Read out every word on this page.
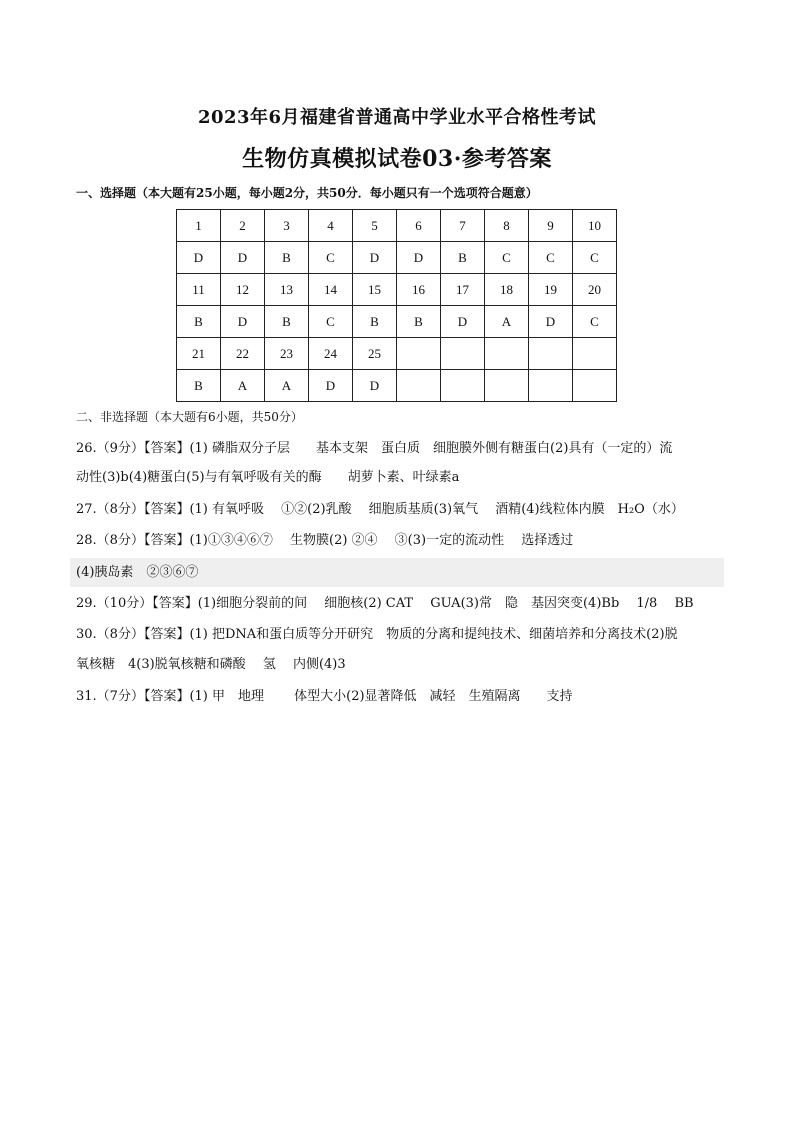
2023年6月福建省普通高中学业水平合格性考试
生物仿真模拟试卷03·参考答案
一、选择题（本大题有25小题，每小题2分，共50分．每小题只有一个选项符合题意）
1	2	3	4	5	6	7	8	9	10
D	D	B	C	D	D	B	C	C	C
11	12	13	14	15	16	17	18	19	20
B	D	B	C	B	B	D	A	D	C
21	22	23	24	25					
B	A	A	D	D					
二、非选择题（本大题有6小题，共50分）
26.（9分）【答案】(1) 磷脂双分子层　　基本支架　蛋白质　细胞膜外侧有糖蛋白(2)具有（一定的）流
动性(3)b(4)糖蛋白(5)与有氧呼吸有关的酶　　胡萝卜素、叶绿素a
27.（8分）【答案】(1) 有氧呼吸　 ①②(2)乳酸　 细胞质基质(3)氧气　 酒精(4)线粒体内膜　H₂O（水）
28.（8分）【答案】(1)①③④⑥⑦　 生物膜(2) ②④　 ③(3)一定的流动性　 选择透过
(4)胰岛素　②③⑥⑦
29.（10分）【答案】(1)细胞分裂前的间　 细胞核(2) CAT　 GUA(3)常　隐　基因突变(4)Bb　 1/8　 BB
30.（8分）【答案】(1) 把DNA和蛋白质等分开研究　物质的分离和提纯技术、细菌培养和分离技术(2)脱
氧核糖　4(3)脱氧核糖和磷酸　 氢　 内侧(4)3
31.（7分）【答案】(1) 甲　地理　　 体型大小(2)显著降低　减轻　生殖隔离　　支持
